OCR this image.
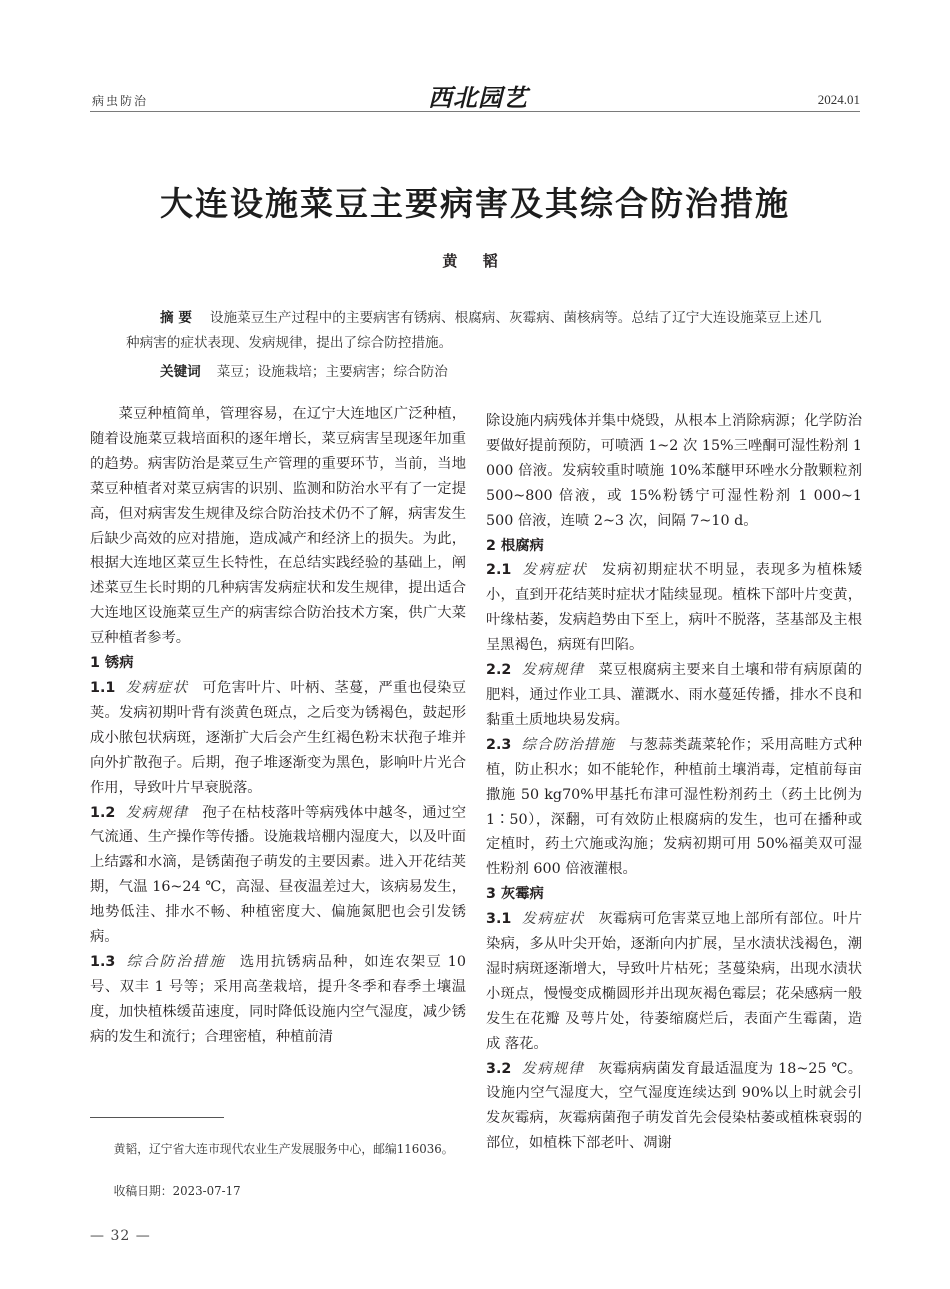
病虫防治	西北园艺	2024.01
大连设施菜豆主要病害及其综合防治措施
黄 韬
摘 要 设施菜豆生产过程中的主要病害有锈病、根腐病、灰霉病、菌核病等。总结了辽宁大连设施菜豆上述几种病害的症状表现、发病规律，提出了综合防控措施。
关键词 菜豆；设施栽培；主要病害；综合防治

菜豆种植简单，管理容易，在辽宁大连地区广泛种植，随着设施菜豆栽培面积的逐年增长，菜豆病害呈现逐年加重的趋势。病害防治是菜豆生产管理的重要环节，当前，当地菜豆种植者对菜豆病害的识别、监测和防治水平有了一定提高，但对病害发生规律及综合防治技术仍不了解，病害发生后缺少高效的应对措施，造成减产和经济上的损失。为此，根据大连地区菜豆生长特性，在总结实践经验的基础上，阐述菜豆生长时期的几种病害发病症状和发生规律，提出适合大连地区设施菜豆生产的病害综合防治技术方案，供广大菜豆种植者参考。

1 锈病

1.1 发病症状 可危害叶片、叶柄、茎蔓，严重也侵染豆荚。发病初期叶背有淡黄色斑点，之后变为锈褐色，鼓起形成小脓包状病斑，逐渐扩大后会产生红褐色粉末状孢子堆并向外扩散孢子。后期，孢子堆逐渐变为黑色，影响叶片光合作用，导致叶片早衰脱落。

1.2 发病规律 孢子在枯枝落叶等病残体中越冬，通过空气流通、生产操作等传播。设施栽培棚内湿度大，以及叶面上结露和水滴，是锈菌孢子萌发的主要因素。进入开花结荚期，气温 16~24 ℃，高湿、昼夜温差过大，该病易发生，地势低洼、排水不畅、种植密度大、偏施氮肥也会引发锈病。

1.3 综合防治措施 选用抗锈病品种，如连农架豆 10 号、双丰 1 号等；采用高垄栽培，提升冬季和春季土壤温度，加快植株缓苗速度，同时降低设施内空气湿度，减少锈病的发生和流行；合理密植，种植前清

除设施内病残体并集中烧毁，从根本上消除病源；化学防治要做好提前预防，可喷洒 1~2 次 15%三唑酮可湿性粉剂 1 000 倍液。发病较重时喷施 10%苯醚甲环唑水分散颗粒剂 500~800 倍液，或 15%粉锈宁可湿性粉剂 1 000~1 500 倍液，连喷 2~3 次，间隔 7~10 d。

2 根腐病

2.1 发病症状 发病初期症状不明显，表现多为植株矮小，直到开花结荚时症状才陆续显现。植株下部叶片变黄，叶缘枯萎，发病趋势由下至上，病叶不脱落，茎基部及主根呈黑褐色，病斑有凹陷。

2.2 发病规律 菜豆根腐病主要来自土壤和带有病原菌的肥料，通过作业工具、灌溉水、雨水蔓延传播，排水不良和黏重土质地块易发病。

2.3 综合防治措施 与葱蒜类蔬菜轮作；采用高畦方式种植，防止积水；如不能轮作，种植前土壤消毒，定植前每亩撒施 50 kg70%甲基托布津可湿性粉剂药土（药土比例为 1∶50），深翻，可有效防止根腐病的发生，也可在播种或定植时，药土穴施或沟施；发病初期可用 50%福美双可湿性粉剂 600 倍液灌根。

3 灰霉病

3.1 发病症状 灰霉病可危害菜豆地上部所有部位。叶片染病，多从叶尖开始，逐渐向内扩展，呈水渍状浅褐色，潮湿时病斑逐渐增大，导致叶片枯死；茎蔓染病，出现水渍状小斑点，慢慢变成椭圆形并出现灰褐色霉层；花朵感病一般发生在花瓣 及萼片处，待萎缩腐烂后，表面产生霉菌，造成 落花。

3.2 发病规律 灰霉病病菌发育最适温度为 18~25 ℃。设施内空气湿度大，空气湿度连续达到 90%以上时就会引发灰霉病，灰霉病菌孢子萌发首先会侵染枯萎或植株衰弱的部位，如植株下部老叶、凋谢

黄韬，辽宁省大连市现代农业生产发展服务中心，邮编116036。
收稿日期：2023-07-17
— 32 —
